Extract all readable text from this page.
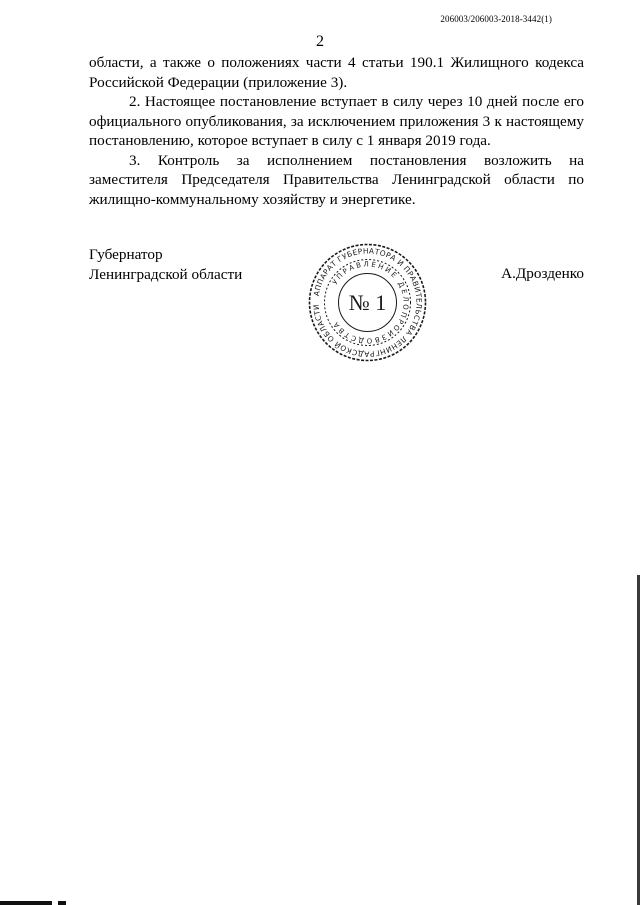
206003/206003-2018-3442(1)
2

области, а также о положениях части 4 статьи 190.1 Жилищного кодекса Российской Федерации (приложение 3).

2. Настоящее постановление вступает в силу через 10 дней после его официального опубликования, за исключением приложения 3 к настоящему постановлению, которое вступает в силу с 1 января 2019 года.

3. Контроль за исполнением постановления возложить на заместителя Председателя Правительства Ленинградской области по жилищно-коммунальному хозяйству и энергетике.

Губернатор
Ленинградской области	А.Дрозденко
АППАРАТ ГУБЕРНАТОРА И ПРАВИТЕЛЬСТВА ЛЕНИНГРАДСКОЙ ОБЛАСТИ
УПРАВЛЕНИЕ ДЕЛОПРОИЗВОДСТВА
№ 1
